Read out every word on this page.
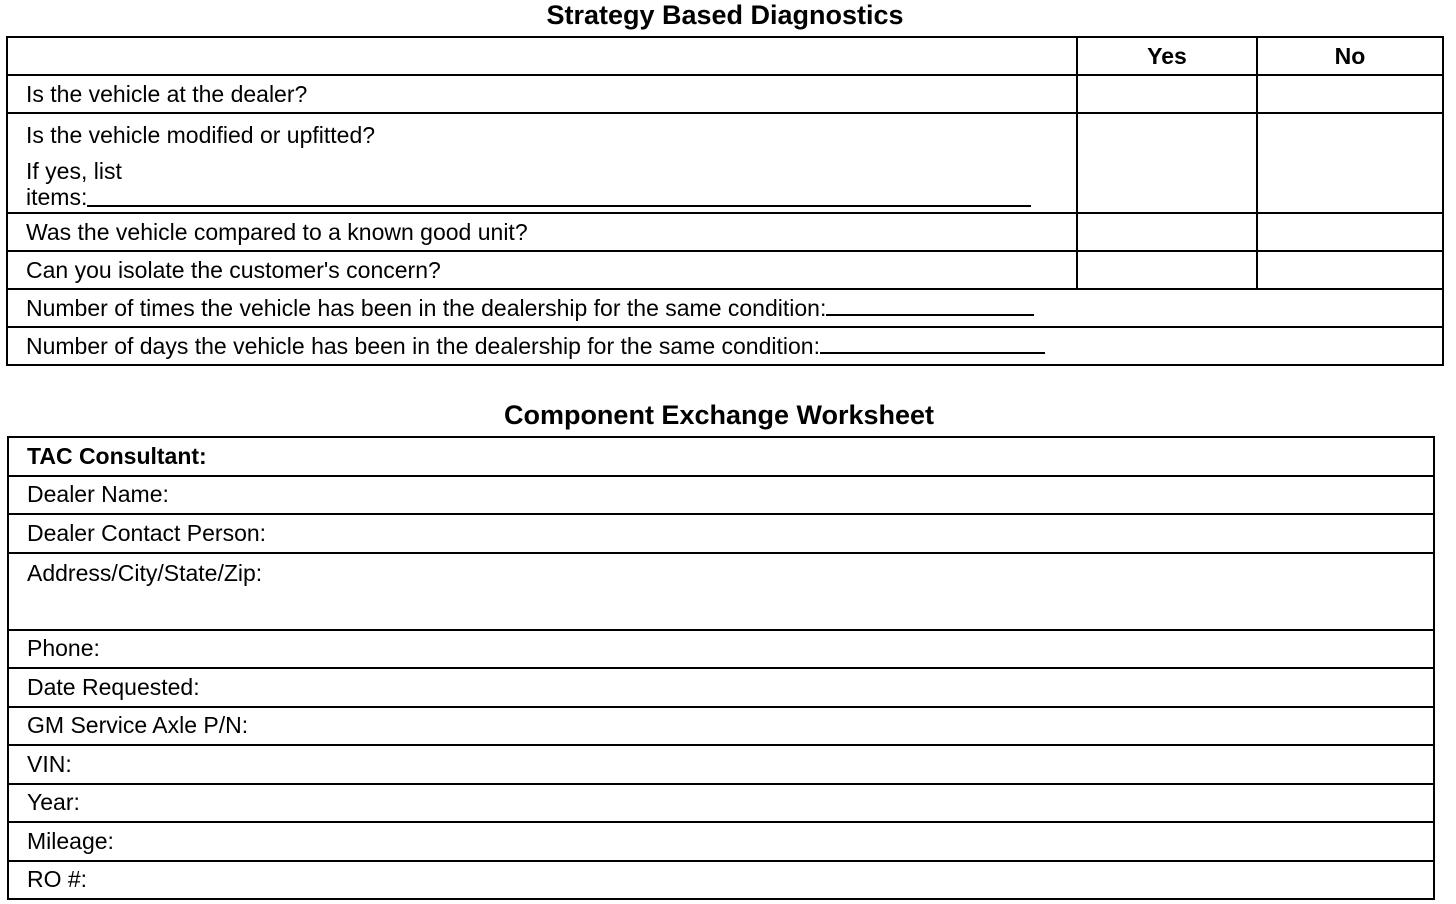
Strategy Based Diagnostics
	Yes	No
Is the vehicle at the dealer?		

Is the vehicle modified or upfitted?
If yes, list
items:		

Was the vehicle compared to a known good unit?		
Can you isolate the customer's concern?		
Number of times the vehicle has been in the dealership for the same condition:		
Number of days the vehicle has been in the dealership for the same condition:		
Component Exchange Worksheet
TAC Consultant:
Dealer Name:
Dealer Contact Person:
Address/City/State/Zip:
Phone:
Date Requested:
GM Service Axle P/N:
VIN:
Year:
Mileage:
RO #:
